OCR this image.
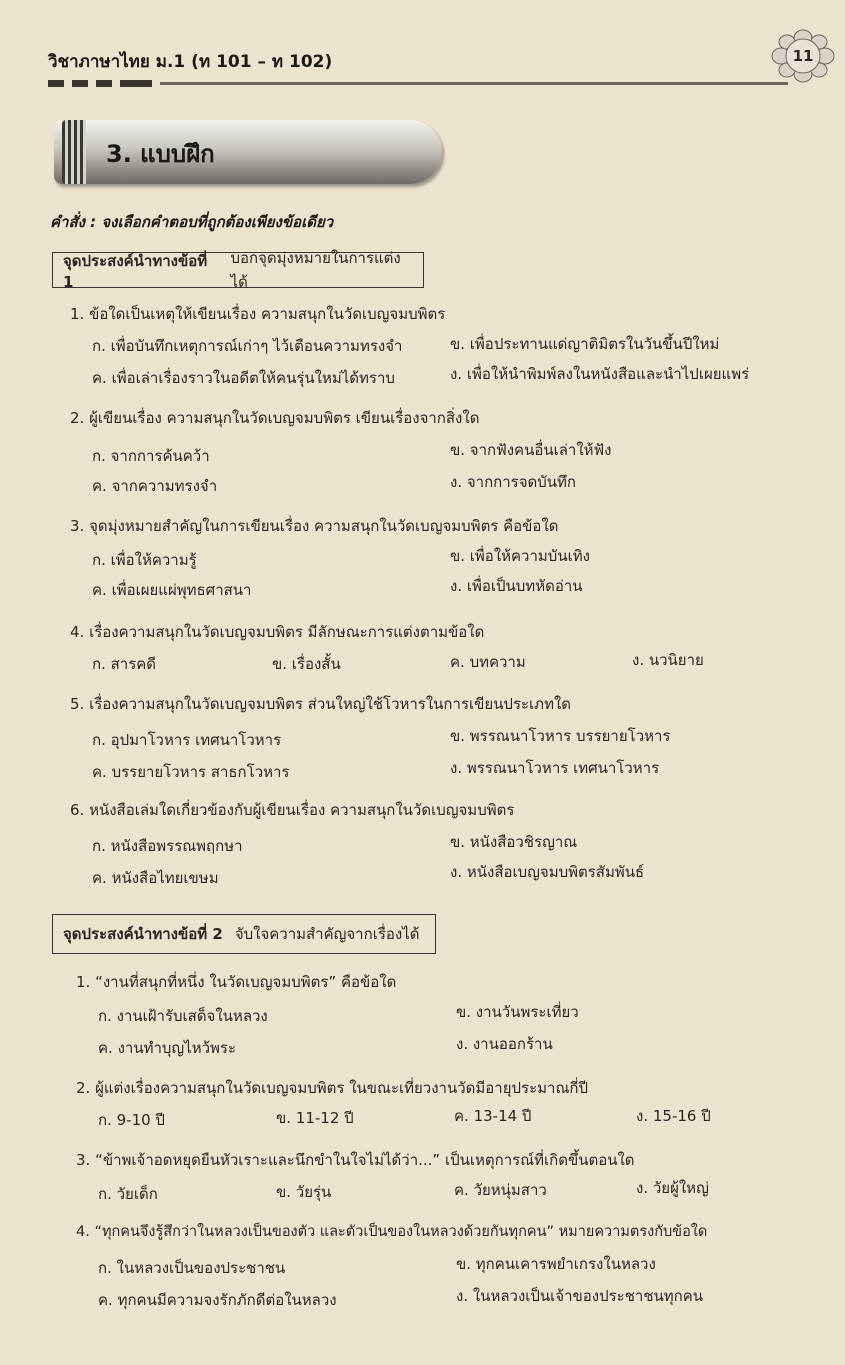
วิชาภาษาไทย ม.1 (ท 101 – ท 102)	11
3. แบบฝึก
คำสั่ง : จงเลือกคำตอบที่ถูกต้องเพียงข้อเดียว
จุดประสงค์นำทางข้อที่ 1
บอกจุดมุ่งหมายในการแต่งได้
1. ข้อใดเป็นเหตุให้เขียนเรื่อง ความสนุกในวัดเบญจมบพิตร
ก. เพื่อบันทึกเหตุการณ์เก่าๆ ไว้เตือนความทรงจำ	ข. เพื่อประทานแด่ญาติมิตรในวันขึ้นปีใหม่
ค. เพื่อเล่าเรื่องราวในอดีตให้คนรุ่นใหม่ได้ทราบ	ง. เพื่อให้นำพิมพ์ลงในหนังสือและนำไปเผยแพร่
2. ผู้เขียนเรื่อง ความสนุกในวัดเบญจมบพิตร เขียนเรื่องจากสิ่งใด
ก. จากการค้นคว้า	ข. จากฟังคนอื่นเล่าให้ฟัง
ค. จากความทรงจำ	ง. จากการจดบันทึก
3. จุดมุ่งหมายสำคัญในการเขียนเรื่อง ความสนุกในวัดเบญจมบพิตร คือข้อใด
ก. เพื่อให้ความรู้	ข. เพื่อให้ความบันเทิง
ค. เพื่อเผยแผ่พุทธศาสนา	ง. เพื่อเป็นบทหัดอ่าน
4. เรื่องความสนุกในวัดเบญจมบพิตร มีลักษณะการแต่งตามข้อใด
ก. สารคดี	ข. เรื่องสั้น	ค. บทความ	ง. นวนิยาย
5. เรื่องความสนุกในวัดเบญจมบพิตร ส่วนใหญ่ใช้โวหารในการเขียนประเภทใด
ก. อุปมาโวหาร เทศนาโวหาร	ข. พรรณนาโวหาร บรรยายโวหาร
ค. บรรยายโวหาร สาธกโวหาร	ง. พรรณนาโวหาร เทศนาโวหาร
6. หนังสือเล่มใดเกี่ยวข้องกับผู้เขียนเรื่อง ความสนุกในวัดเบญจมบพิตร
ก. หนังสือพรรณพฤกษา	ข. หนังสือวชิรญาณ
ค. หนังสือไทยเขษม	ง. หนังสือเบญจมบพิตรสัมพันธ์
จุดประสงค์นำทางข้อที่ 2 จับใจความสำคัญจากเรื่องได้
1. “งานที่สนุกที่หนึ่ง ในวัดเบญจมบพิตร” คือข้อใด
ก. งานเฝ้ารับเสด็จในหลวง	ข. งานวันพระเที่ยว
ค. งานทำบุญไหว้พระ	ง. งานออกร้าน
2. ผู้แต่งเรื่องความสนุกในวัดเบญจมบพิตร ในขณะเที่ยวงานวัดมีอายุประมาณกี่ปี
ก. 9-10 ปี	ข. 11-12 ปี	ค. 13-14 ปี	ง. 15-16 ปี
3. “ข้าพเจ้าอดหยุดยืนหัวเราะและนึกขำในใจไม่ได้ว่า...” เป็นเหตุการณ์ที่เกิดขึ้นตอนใด
ก. วัยเด็ก	ข. วัยรุ่น	ค. วัยหนุ่มสาว	ง. วัยผู้ใหญ่
4. “ทุกคนจึงรู้สึกว่าในหลวงเป็นของตัว และตัวเป็นของในหลวงด้วยกันทุกคน” หมายความตรงกับข้อใด
ก. ในหลวงเป็นของประชาชน	ข. ทุกคนเคารพยำเกรงในหลวง
ค. ทุกคนมีความจงรักภักดีต่อในหลวง	ง. ในหลวงเป็นเจ้าของประชาชนทุกคน
